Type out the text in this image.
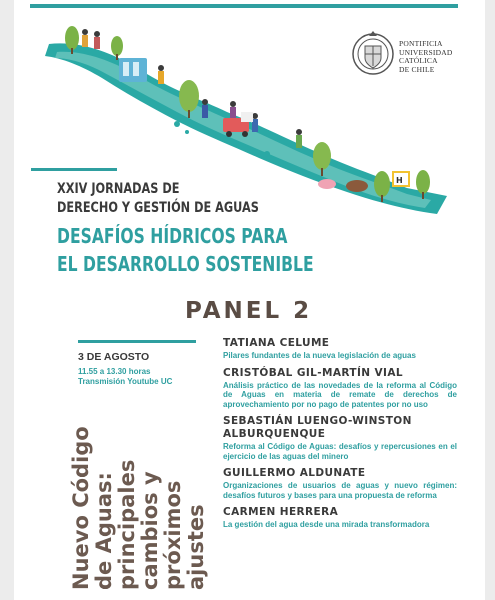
H
PONTIFICIA
UNIVERSIDAD
CATÓLICA
DE CHILE
XXIV JORNADAS DE
DERECHO Y GESTIÓN DE AGUAS
DESAFÍOS HÍDRICOS PARA
EL DESARROLLO SOSTENIBLE
PANEL 2
3 DE AGOSTO
11.55 a 13.30 horas
Transmisión Youtube UC
Nuevo Código de Aguas: principales cambios y próximos ajustes
TATIANA CELUME
Pilares fundantes de la nueva legislación de aguas
CRISTÓBAL GIL-MARTÍN VIAL
Análisis práctico de las novedades de la reforma al Código de Aguas en materia de remate de derechos de aprovechamiento por no pago de patentes por no uso
SEBASTIÁN LUENGO-WINSTON ALBURQUENQUE
Reforma al Código de Aguas: desafíos y repercusiones en el ejercicio de las aguas del minero
GUILLERMO ALDUNATE
Organizaciones de usuarios de aguas y nuevo régimen: desafíos futuros y bases para una propuesta de reforma
CARMEN HERRERA
La gestión del agua desde una mirada transformadora
